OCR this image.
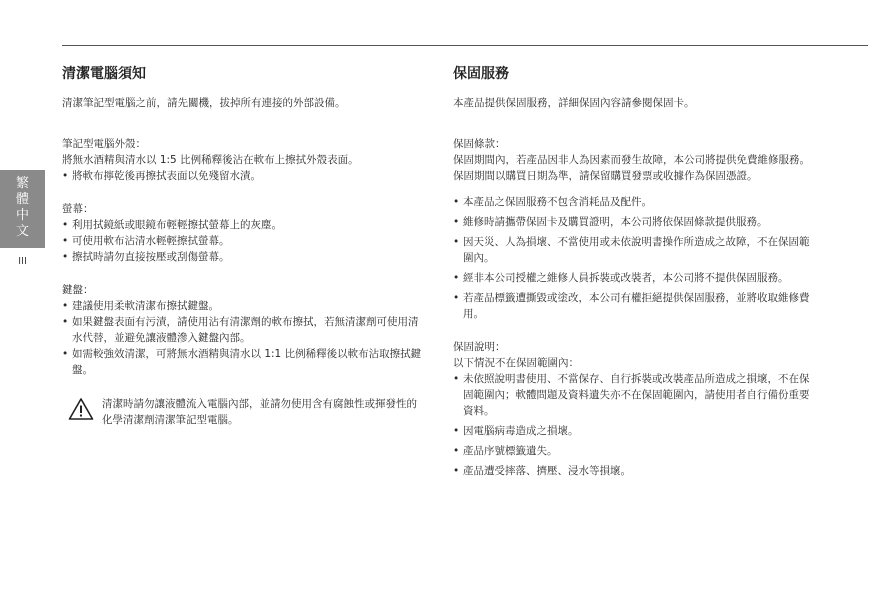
繁
體
中
文
III
清潔電腦須知

清潔筆記型電腦之前，請先關機，拔掉所有連接的外部設備。

筆記型電腦外殼：

將無水酒精與清水以 1:5 比例稀釋後沾在軟布上擦拭外殼表面。

• 將軟布擰乾後再擦拭表面以免殘留水漬。

螢幕：

• 利用拭鏡紙或眼鏡布輕輕擦拭螢幕上的灰塵。
• 可使用軟布沾清水輕輕擦拭螢幕。
• 擦拭時請勿直接按壓或刮傷螢幕。

鍵盤：

• 建議使用柔軟清潔布擦拭鍵盤。
• 如果鍵盤表面有污漬，請使用沾有清潔劑的軟布擦拭，若無清潔劑可使用清水代替，並避免讓液體滲入鍵盤內部。
• 如需較強效清潔，可將無水酒精與清水以 1:1 比例稀釋後以軟布沾取擦拭鍵盤。
清潔時請勿讓液體流入電腦內部，並請勿使用含有腐蝕性或揮發性的化學清潔劑清潔筆記型電腦。
保固服務

本產品提供保固服務，詳細保固內容請參閱保固卡。

保固條款：

保固期間內，若產品因非人為因素而發生故障，本公司將提供免費維修服務。保固期間以購買日期為準，請保留購買發票或收據作為保固憑證。

• 本產品之保固服務不包含消耗品及配件。
• 維修時請攜帶保固卡及購買證明，本公司將依保固條款提供服務。
• 因天災、人為損壞、不當使用或未依說明書操作所造成之故障，不在保固範圍內。
• 經非本公司授權之維修人員拆裝或改裝者，本公司將不提供保固服務。
• 若產品標籤遭撕毀或塗改，本公司有權拒絕提供保固服務，並將收取維修費用。

保固說明：

以下情況不在保固範圍內：

• 未依照說明書使用、不當保存、自行拆裝或改裝產品所造成之損壞，不在保固範圍內；軟體問題及資料遺失亦不在保固範圍內，請使用者自行備份重要資料。
• 因電腦病毒造成之損壞。
• 產品序號標籤遺失。
• 產品遭受摔落、擠壓、浸水等損壞。
